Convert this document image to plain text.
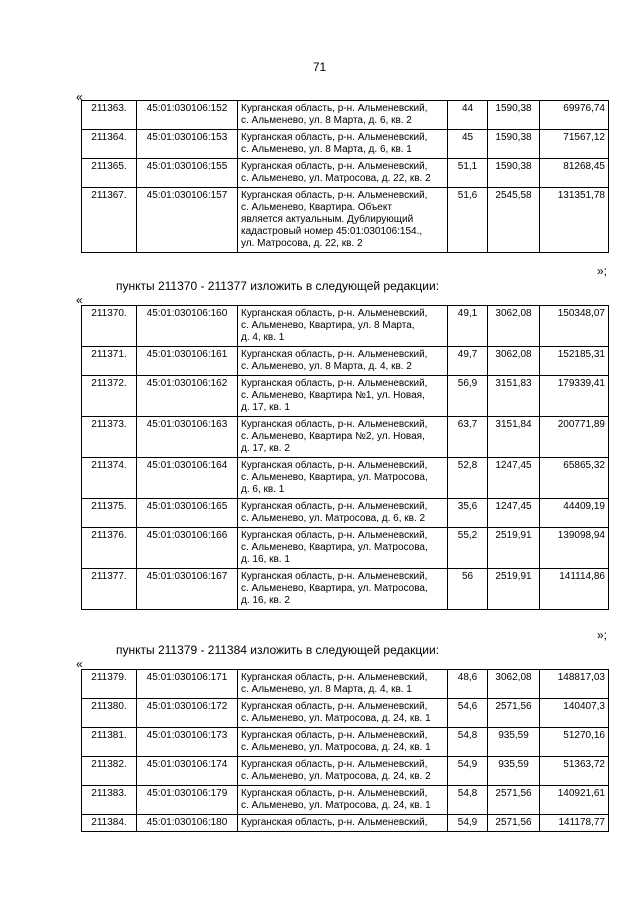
71
«
211363.	45:01:030106:152	Курганская область, р-н. Альменевский,
с. Альменево, ул. 8 Марта, д. 6, кв. 2	44	1590,38	69976,74
211364.	45:01:030106:153	Курганская область, р-н. Альменевский,
с. Альменево, ул. 8 Марта, д. 6, кв. 1	45	1590,38	71567,12
211365.	45:01:030106:155	Курганская область, р-н. Альменевский,
с. Альменево, ул. Матросова, д. 22, кв. 2	51,1	1590,38	81268,45
211367.	45:01:030106:157	Курганская область, р-н. Альменевский,
с. Альменево, Квартира. Объект
является актуальным. Дублирующий
кадастровый номер 45:01:030106:154.,
ул. Матросова, д. 22, кв. 2	51,6	2545,58	131351,78
»;
пункты 211370 - 211377 изложить в следующей редакции:
«
211370.	45:01:030106:160	Курганская область, р-н. Альменевский,
с. Альменево, Квартира, ул. 8 Марта,
д. 4, кв. 1	49,1	3062,08	150348,07
211371.	45:01:030106:161	Курганская область, р-н. Альменевский,
с. Альменево, ул. 8 Марта, д. 4, кв. 2	49,7	3062,08	152185,31
211372.	45:01:030106:162	Курганская область, р-н. Альменевский,
с. Альменево, Квартира №1, ул. Новая,
д. 17, кв. 1	56,9	3151,83	179339,41
211373.	45:01:030106:163	Курганская область, р-н. Альменевский,
с. Альменево, Квартира №2, ул. Новая,
д. 17, кв. 2	63,7	3151,84	200771,89
211374.	45:01:030106:164	Курганская область, р-н. Альменевский,
с. Альменево, Квартира, ул. Матросова,
д. 6, кв. 1	52,8	1247,45	65865,32
211375.	45:01:030106:165	Курганская область, р-н. Альменевский,
с. Альменево, ул. Матросова, д. 6, кв. 2	35,6	1247,45	44409,19
211376.	45:01:030106:166	Курганская область, р-н. Альменевский,
с. Альменево, Квартира, ул. Матросова,
д. 16, кв. 1	55,2	2519,91	139098,94
211377.	45:01:030106:167	Курганская область, р-н. Альменевский,
с. Альменево, Квартира, ул. Матросова,
д. 16, кв. 2	56	2519,91	141114,86
»;
пункты 211379 - 211384 изложить в следующей редакции:
«
211379.	45:01:030106:171	Курганская область, р-н. Альменевский,
с. Альменево, ул. 8 Марта, д. 4, кв. 1	48,6	3062,08	148817,03
211380.	45:01:030106:172	Курганская область, р-н. Альменевский,
с. Альменево, ул. Матросова, д. 24, кв. 1	54,6	2571,56	140407,3
211381.	45:01:030106:173	Курганская область, р-н. Альменевский,
с. Альменево, ул. Матросова, д. 24, кв. 1	54,8	935,59	51270,16
211382.	45:01:030106:174	Курганская область, р-н. Альменевский,
с. Альменево, ул. Матросова, д. 24, кв. 2	54,9	935,59	51363,72
211383.	45:01:030106:179	Курганская область, р-н. Альменевский,
с. Альменево, ул. Матросова, д. 24, кв. 1	54,8	2571,56	140921,61
211384.	45:01:030106:180	Курганская область, р-н. Альменевский,	54,9	2571,56	141178,77
